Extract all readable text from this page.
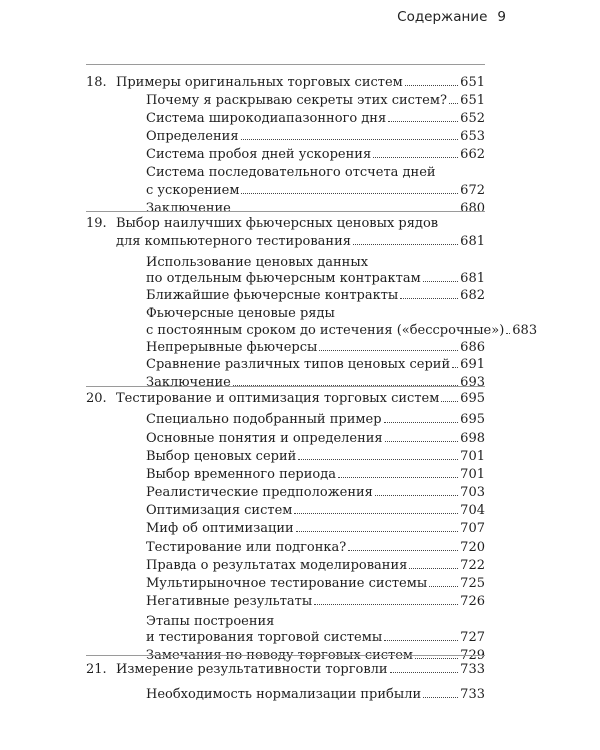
Содержание 9
18. Примеры оригинальных торговых систем	651
Почему я раскрываю секреты этих систем? 651
Система широкодиапазонного дня	652
Определения	653
Система пробоя дней ускорения	662
Система последовательного отсчета дней
с ускорением	672
Заключение	680
19. Выбор наилучших фьючерсных ценовых рядов
для компьютерного тестирования	681
Использование ценовых данных
по отдельным фьючерсным контрактам	681
Ближайшие фьючерсные контракты	682
Фьючерсные ценовые ряды
с постоянным сроком до истечения («бессрочные») 683
Непрерывные фьючерсы	686
Сравнение различных типов ценовых серий 691
Заключение	693
20. Тестирование и оптимизация торговых систем 695
Специально подобранный пример	695
Основные понятия и определения	698
Выбор ценовых серий	701
Выбор временного периода	701
Реалистические предположения	703
Оптимизация систем	704
Миф об оптимизации	707
Тестирование или подгонка?	720
Правда о результатах моделирования	722
Мультирыночное тестирование системы	725
Негативные результаты	726
Этапы построения
и тестирования торговой системы	727
Замечания по поводу торговых систем	729
21. Измерение результативности торговли	733
Необходимость нормализации прибыли	733
